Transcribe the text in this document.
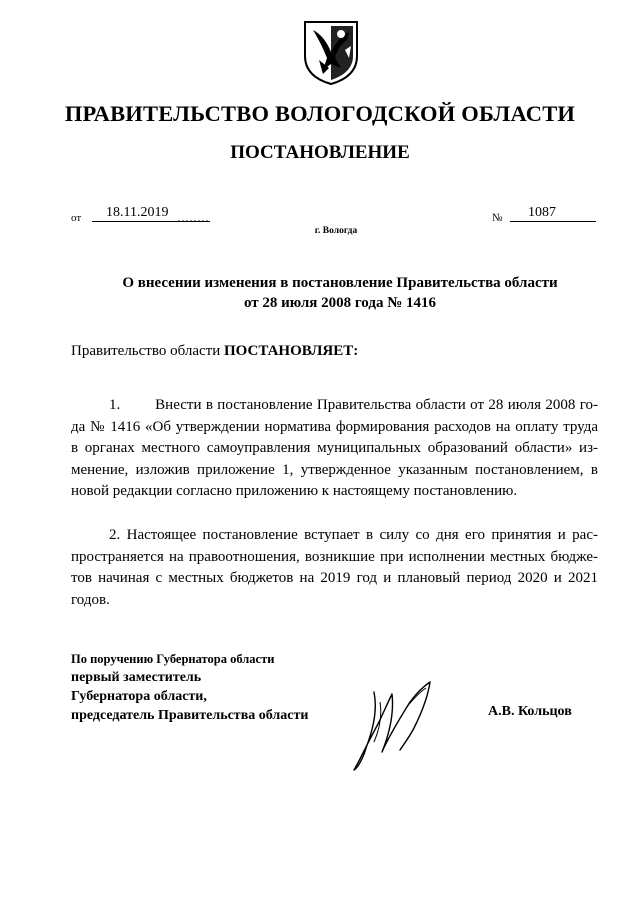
ПРАВИТЕЛЬСТВО ВОЛОГОДСКОЙ ОБЛАСТИ
ПОСТАНОВЛЕНИЕ
от	18.11.2019	№	1087
г. Вологда
О внесении изменения в постановление Правительства области
от 28 июля 2008 года № 1416
Правительство области ПОСТАНОВЛЯЕТ:
1.        Внести в постановление Правительства области от 28 июля 2008 го-
да № 1416 «Об утверждении норматива формирования расходов на оплату труда
в органах местного самоуправления муниципальных образований области» из-
менение, изложив приложение 1, утвержденное указанным постановлением, в
новой редакции согласно приложению к настоящему постановлению.
2. Настоящее постановление вступает в силу со дня его принятия и рас-
пространяется на правоотношения, возникшие при исполнении местных бюдже-
тов начиная с местных бюджетов на 2019 год и плановый период 2020 и 2021
годов.
По поручению Губернатора области
первый заместитель
Губернатора области,
председатель Правительства области	А.В. Кольцов
